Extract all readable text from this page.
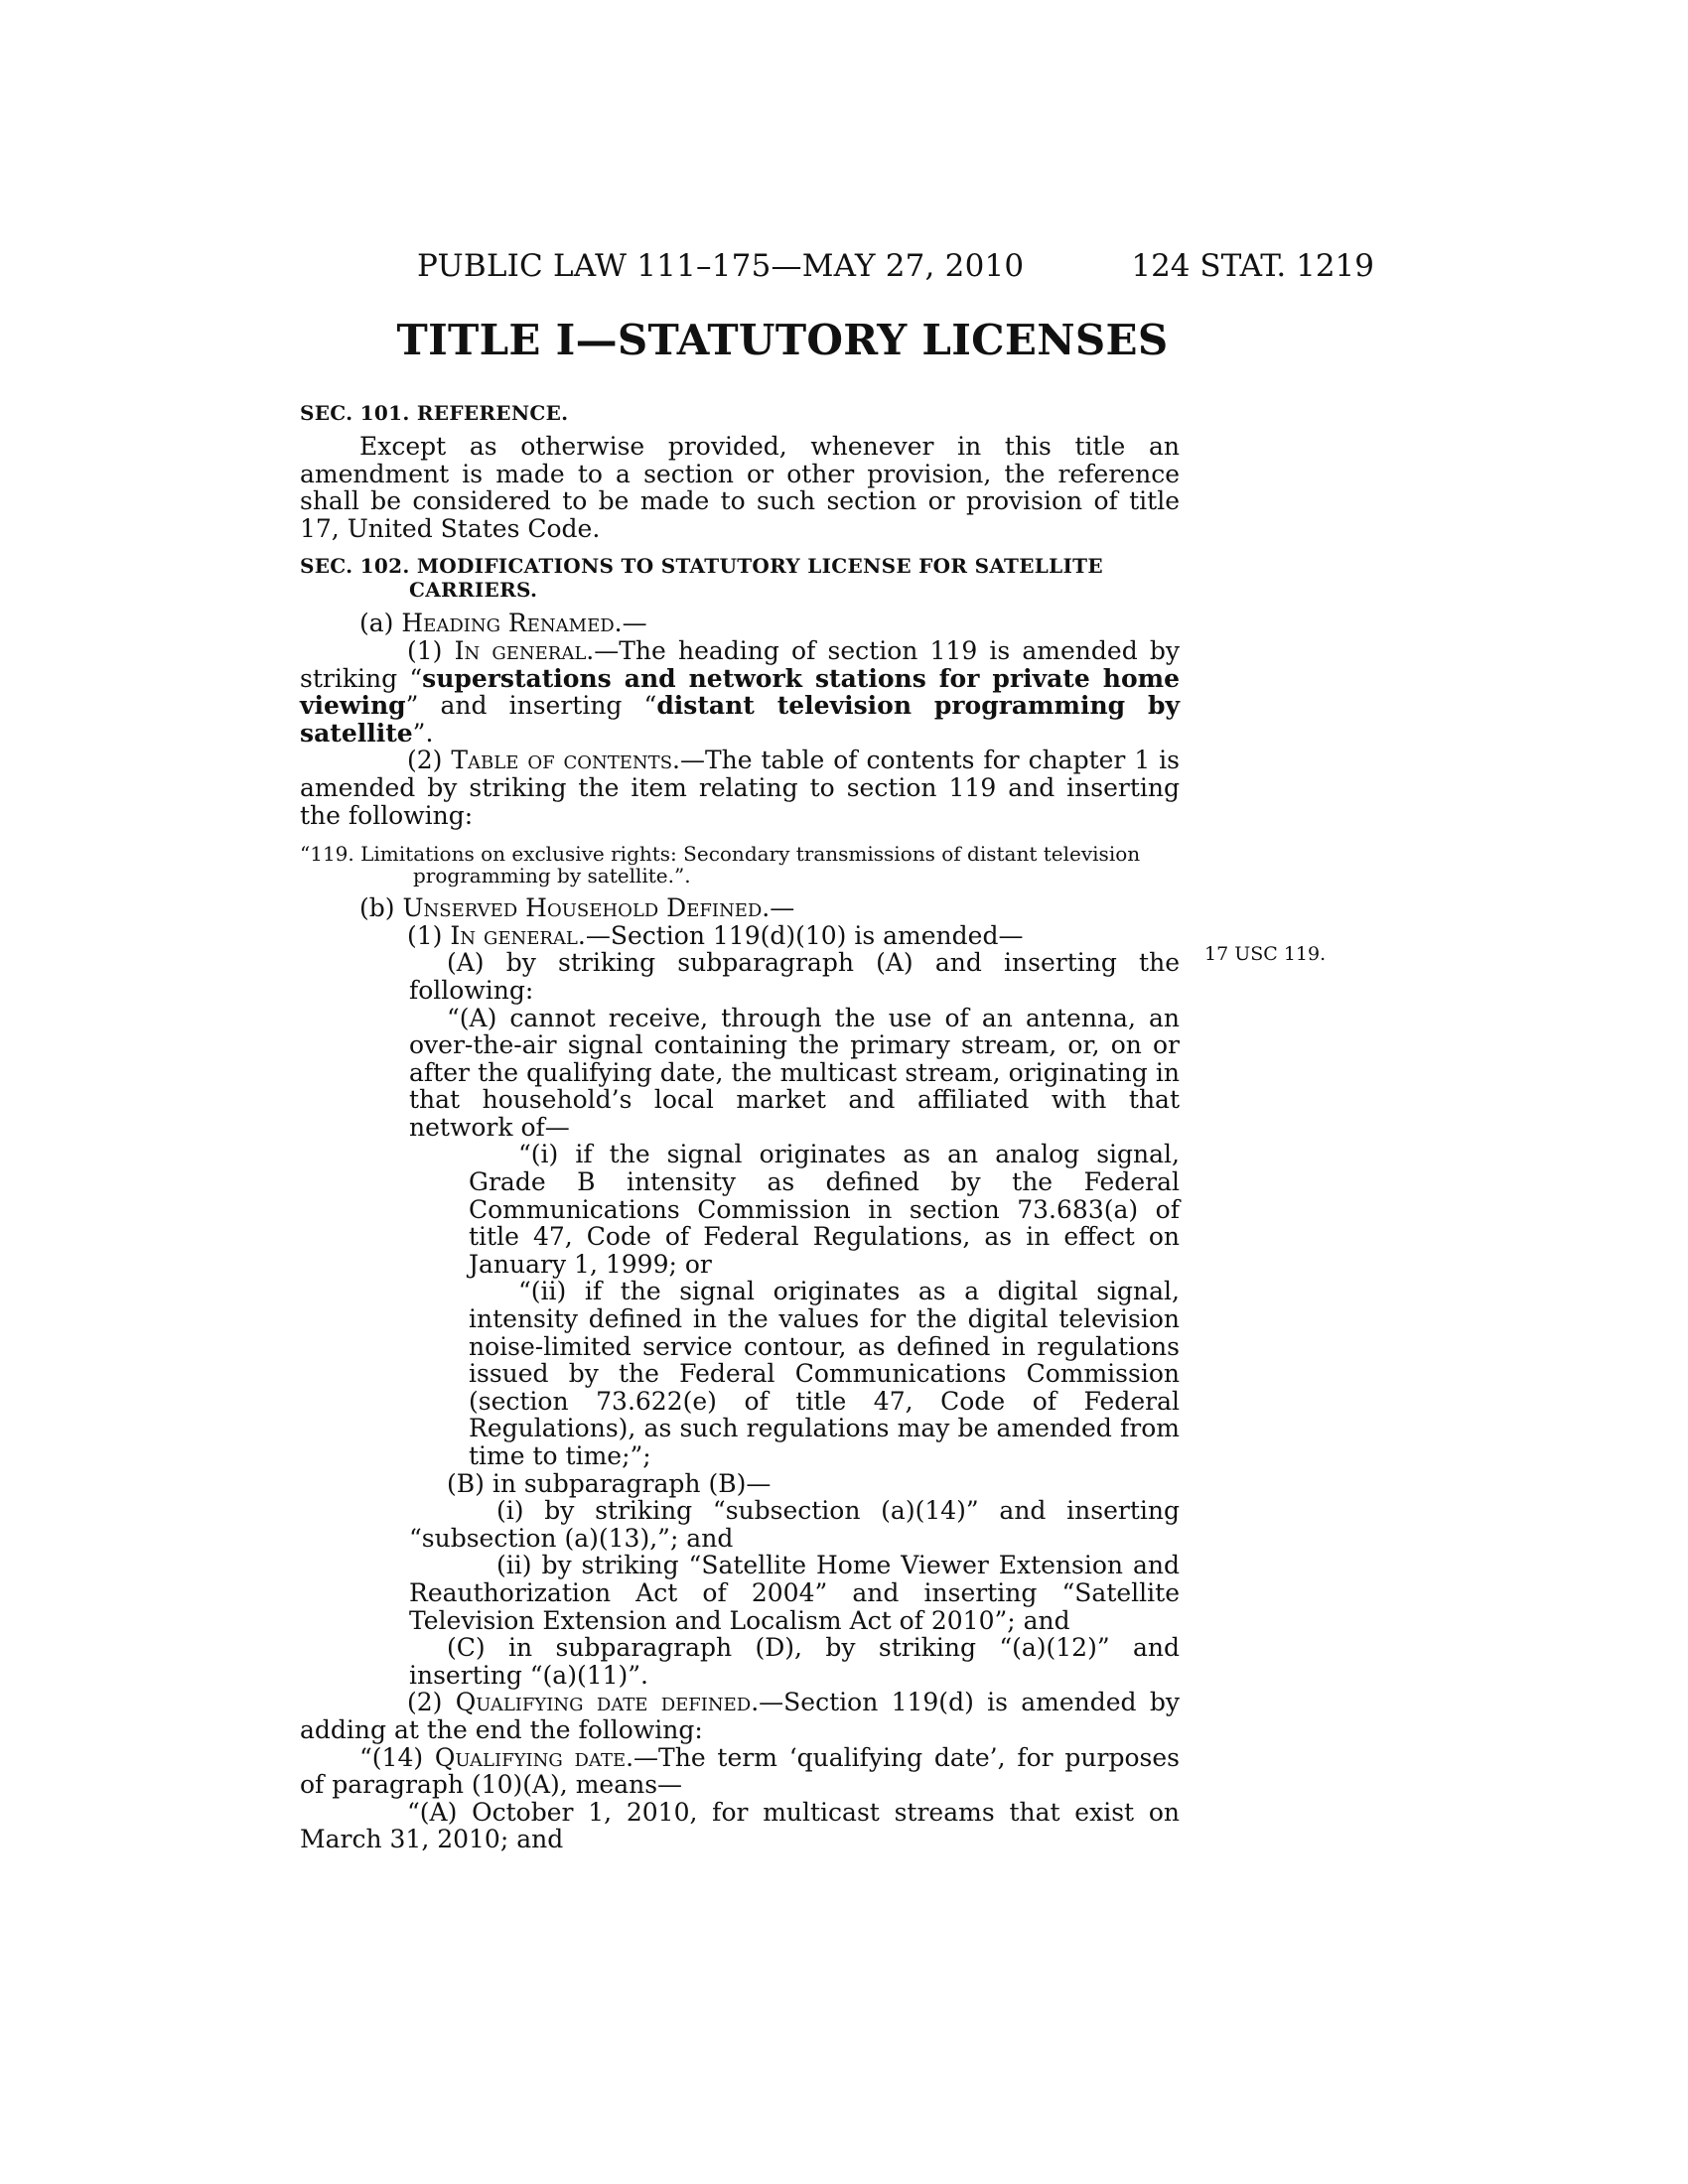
PUBLIC LAW 111–175—MAY 27, 2010	124 STAT. 1219
TITLE I—STATUTORY LICENSES
17 USC 119.

SEC. 101. REFERENCE.

Except as otherwise provided, whenever in this title an amendment is made to a section or other provision, the reference shall be considered to be made to such section or provision of title 17, United States Code.

SEC. 102. MODIFICATIONS TO STATUTORY LICENSE FOR SATELLITE
CARRIERS.

(a) Heading Renamed.—

(1) In general.—The heading of section 119 is amended by striking “superstations and network stations for private home viewing” and inserting “distant television programming by satellite”.

(2) Table of contents.—The table of contents for chapter 1 is amended by striking the item relating to section 119 and inserting the following:

“119. Limitations on exclusive rights: Secondary transmissions of distant television
programming by satellite.”.

(b) Unserved Household Defined.—

(1) In general.—Section 119(d)(10) is amended—

(A) by striking subparagraph (A) and inserting the following:

“(A) cannot receive, through the use of an antenna, an over-the-air signal containing the primary stream, or, on or after the qualifying date, the multicast stream, originating in that household’s local market and affiliated with that network of—

“(i) if the signal originates as an analog signal, Grade B intensity as defined by the Federal Communications Commission in section 73.683(a) of title 47, Code of Federal Regulations, as in effect on January 1, 1999; or

“(ii) if the signal originates as a digital signal, intensity defined in the values for the digital television noise-limited service contour, as defined in regulations issued by the Federal Communications Commission (section 73.622(e) of title 47, Code of Federal Regulations), as such regulations may be amended from time to time;”;

(B) in subparagraph (B)—

(i) by striking “subsection (a)(14)” and inserting “subsection (a)(13),”; and

(ii) by striking “Satellite Home Viewer Extension and Reauthorization Act of 2004” and inserting “Satellite Television Extension and Localism Act of 2010”; and

(C) in subparagraph (D), by striking “(a)(12)” and inserting “(a)(11)”.

(2) Qualifying date defined.—Section 119(d) is amended by adding at the end the following:

“(14) Qualifying date.—The term ‘qualifying date’, for purposes of paragraph (10)(A), means—

“(A) October 1, 2010, for multicast streams that exist on March 31, 2010; and
